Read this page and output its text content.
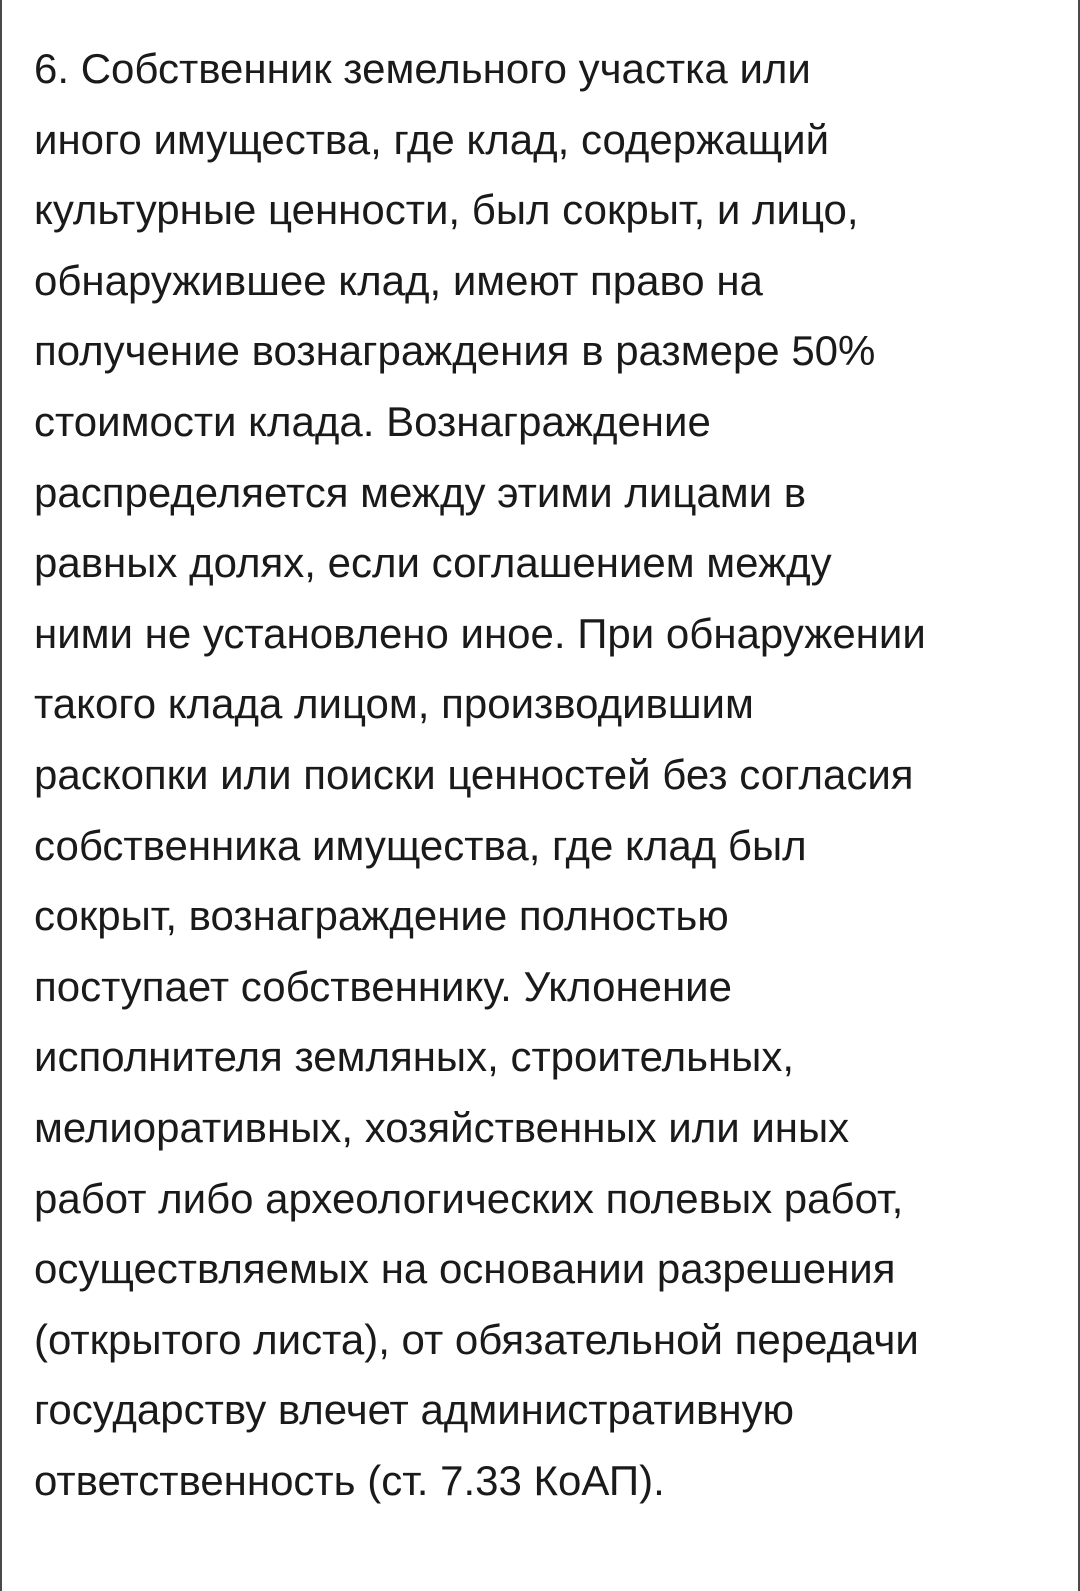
6. Собственник земельного участка или
иного имущества, где клад, содержащий
культурные ценности, был сокрыт, и лицо,
обнаружившее клад, имеют право на
получение вознаграждения в размере 50%
стоимости клада. Вознаграждение
распределяется между этими лицами в
равных долях, если соглашением между
ними не установлено иное. При обнаружении
такого клада лицом, производившим
раскопки или поиски ценностей без согласия
собственника имущества, где клад был
сокрыт, вознаграждение полностью
поступает собственнику. Уклонение
исполнителя земляных, строительных,
мелиоративных, хозяйственных или иных
работ либо археологических полевых работ,
осуществляемых на основании разрешения
(открытого листа), от обязательной передачи
государству влечет административную
ответственность (ст. 7.33 КоАП).
